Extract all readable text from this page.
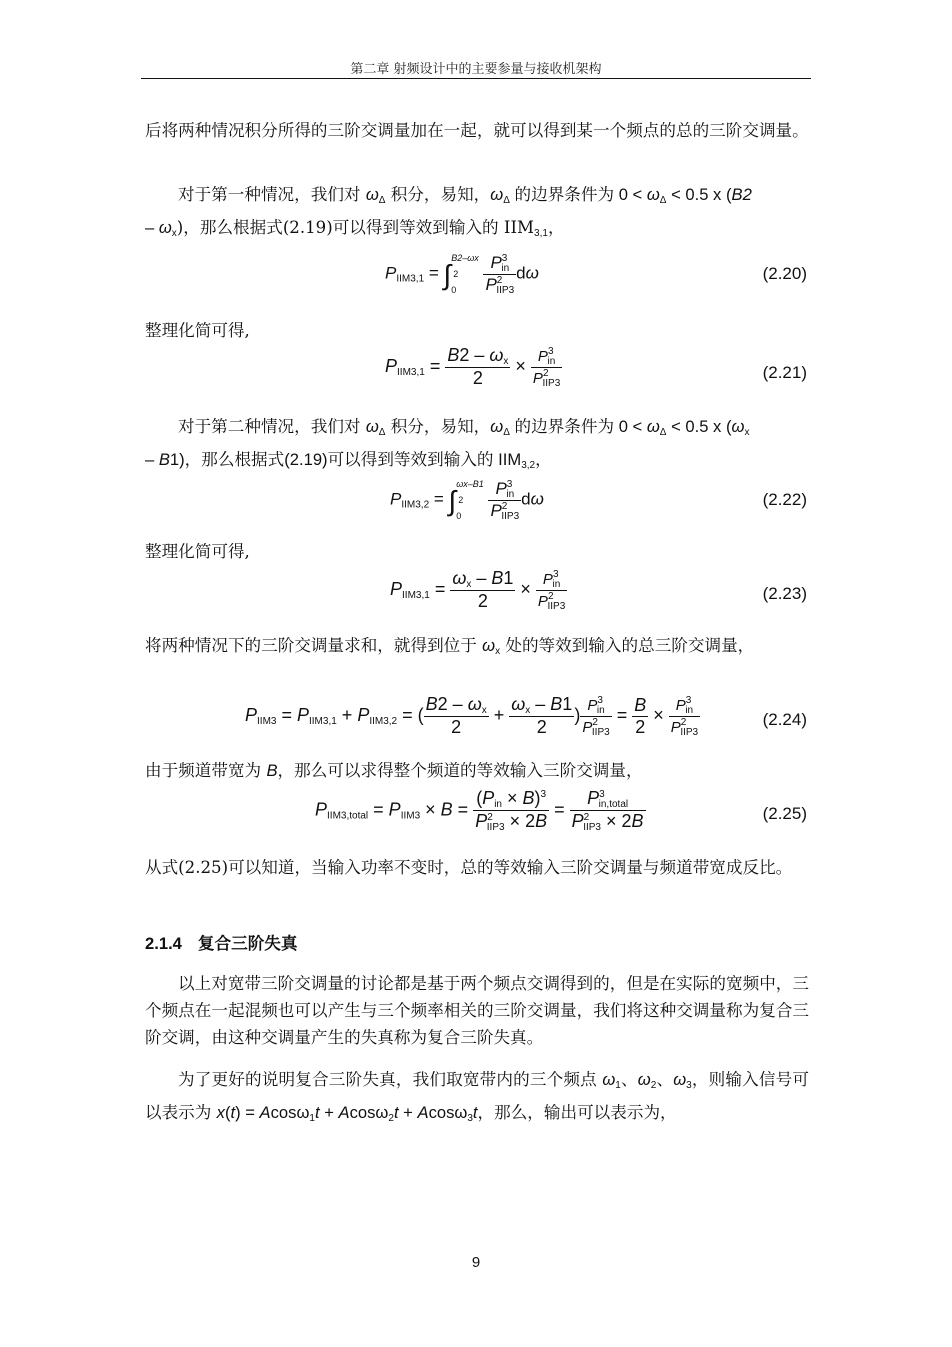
第二章 射频设计中的主要参量与接收机架构

后将两种情况积分所得的三阶交调量加在一起，就可以得到某一个频点的总的三阶交调量。

对于第一种情况，我们对 $\omega_\Delta$ 积分，易知，$\omega_\Delta$ 的边界条件为 $0 < \omega_\Delta < 0.5$ x (B2
– $\omega_x$)，那么根据式(2.19)可以得到等效到输入的 $IIM_{3,1}$，

$P_{IIM3,1}$ = ∫
B2–ωx
2
0
	$\frac{P^3_{in}}{P^2_{IIP3}}$ dω	(2.20)

整理化简可得,

$P_{IIM3,1} = \frac{B2 - \omega_x}{2} \times \frac{P^3_{in}}{P^2_{IIP3}}$	(2.21)

对于第二种情况，我们对 $\omega_\Delta$ 积分，易知，$\omega_\Delta$ 的边界条件为 $0 < \omega_\Delta < 0.5$ x ($\omega_x$
– B1)，那么根据式(2.19)可以得到等效到输入的 $IIM_{3,2}$，

$P_{IIM3,2}$ = ∫
ωx–B1
2
0
	$\frac{P^3_{in}}{P^2_{IIP3}}$ dω	(2.22)

整理化简可得,

$P_{IIM3,1} = \frac{\omega_x - B1}{2} \times \frac{P^3_{in}}{P^2_{IIP3}}$	(2.23)

将两种情况下的三阶交调量求和，就得到位于 $\omega_x$ 处的等效到输入的总三阶交调量，

$P_{IIM3} = P_{IIM3,1} + P_{IIM3,2}$ = ( $\frac{B2 - \omega_x}{2} + \frac{\omega_x - B1}{2}$ ) $\frac{P^3_{in}}{P^2_{IIP3}} = \frac{B}{2} \times \frac{P^3_{in}}{P^2_{IIP3}}$	(2.24)

由于频道带宽为 B，那么可以求得整个频道的等效输入三阶交调量，

$P_{IIM3,total} = P_{IIM3} \times B = \frac{(P_{in} \times B)^3}{P^2_{IIP3} \times 2B} = \frac{P^3_{in,total}}{P^2_{IIP3} \times 2B}$	(2.25)

从式(2.25)可以知道，当输入功率不变时，总的等效输入三阶交调量与频道带宽成反比。

2.1.4 复合三阶失真

以上对宽带三阶交调量的讨论都是基于两个频点交调得到的，但是在实际的宽频中，三个频点在一起混频也可以产生与三个频率相关的三阶交调量，我们将这种交调量称为复合三阶交调，由这种交调量产生的失真称为复合三阶失真。

为了更好的说明复合三阶失真，我们取宽带内的三个频点 $\omega_1$、$\omega_2$、$\omega_3$，则输入信号可以表示为 x(t) = Acosω$_1$t + Acosω$_2$t + Acosω$_3$t，那么，输出可以表示为，

9
